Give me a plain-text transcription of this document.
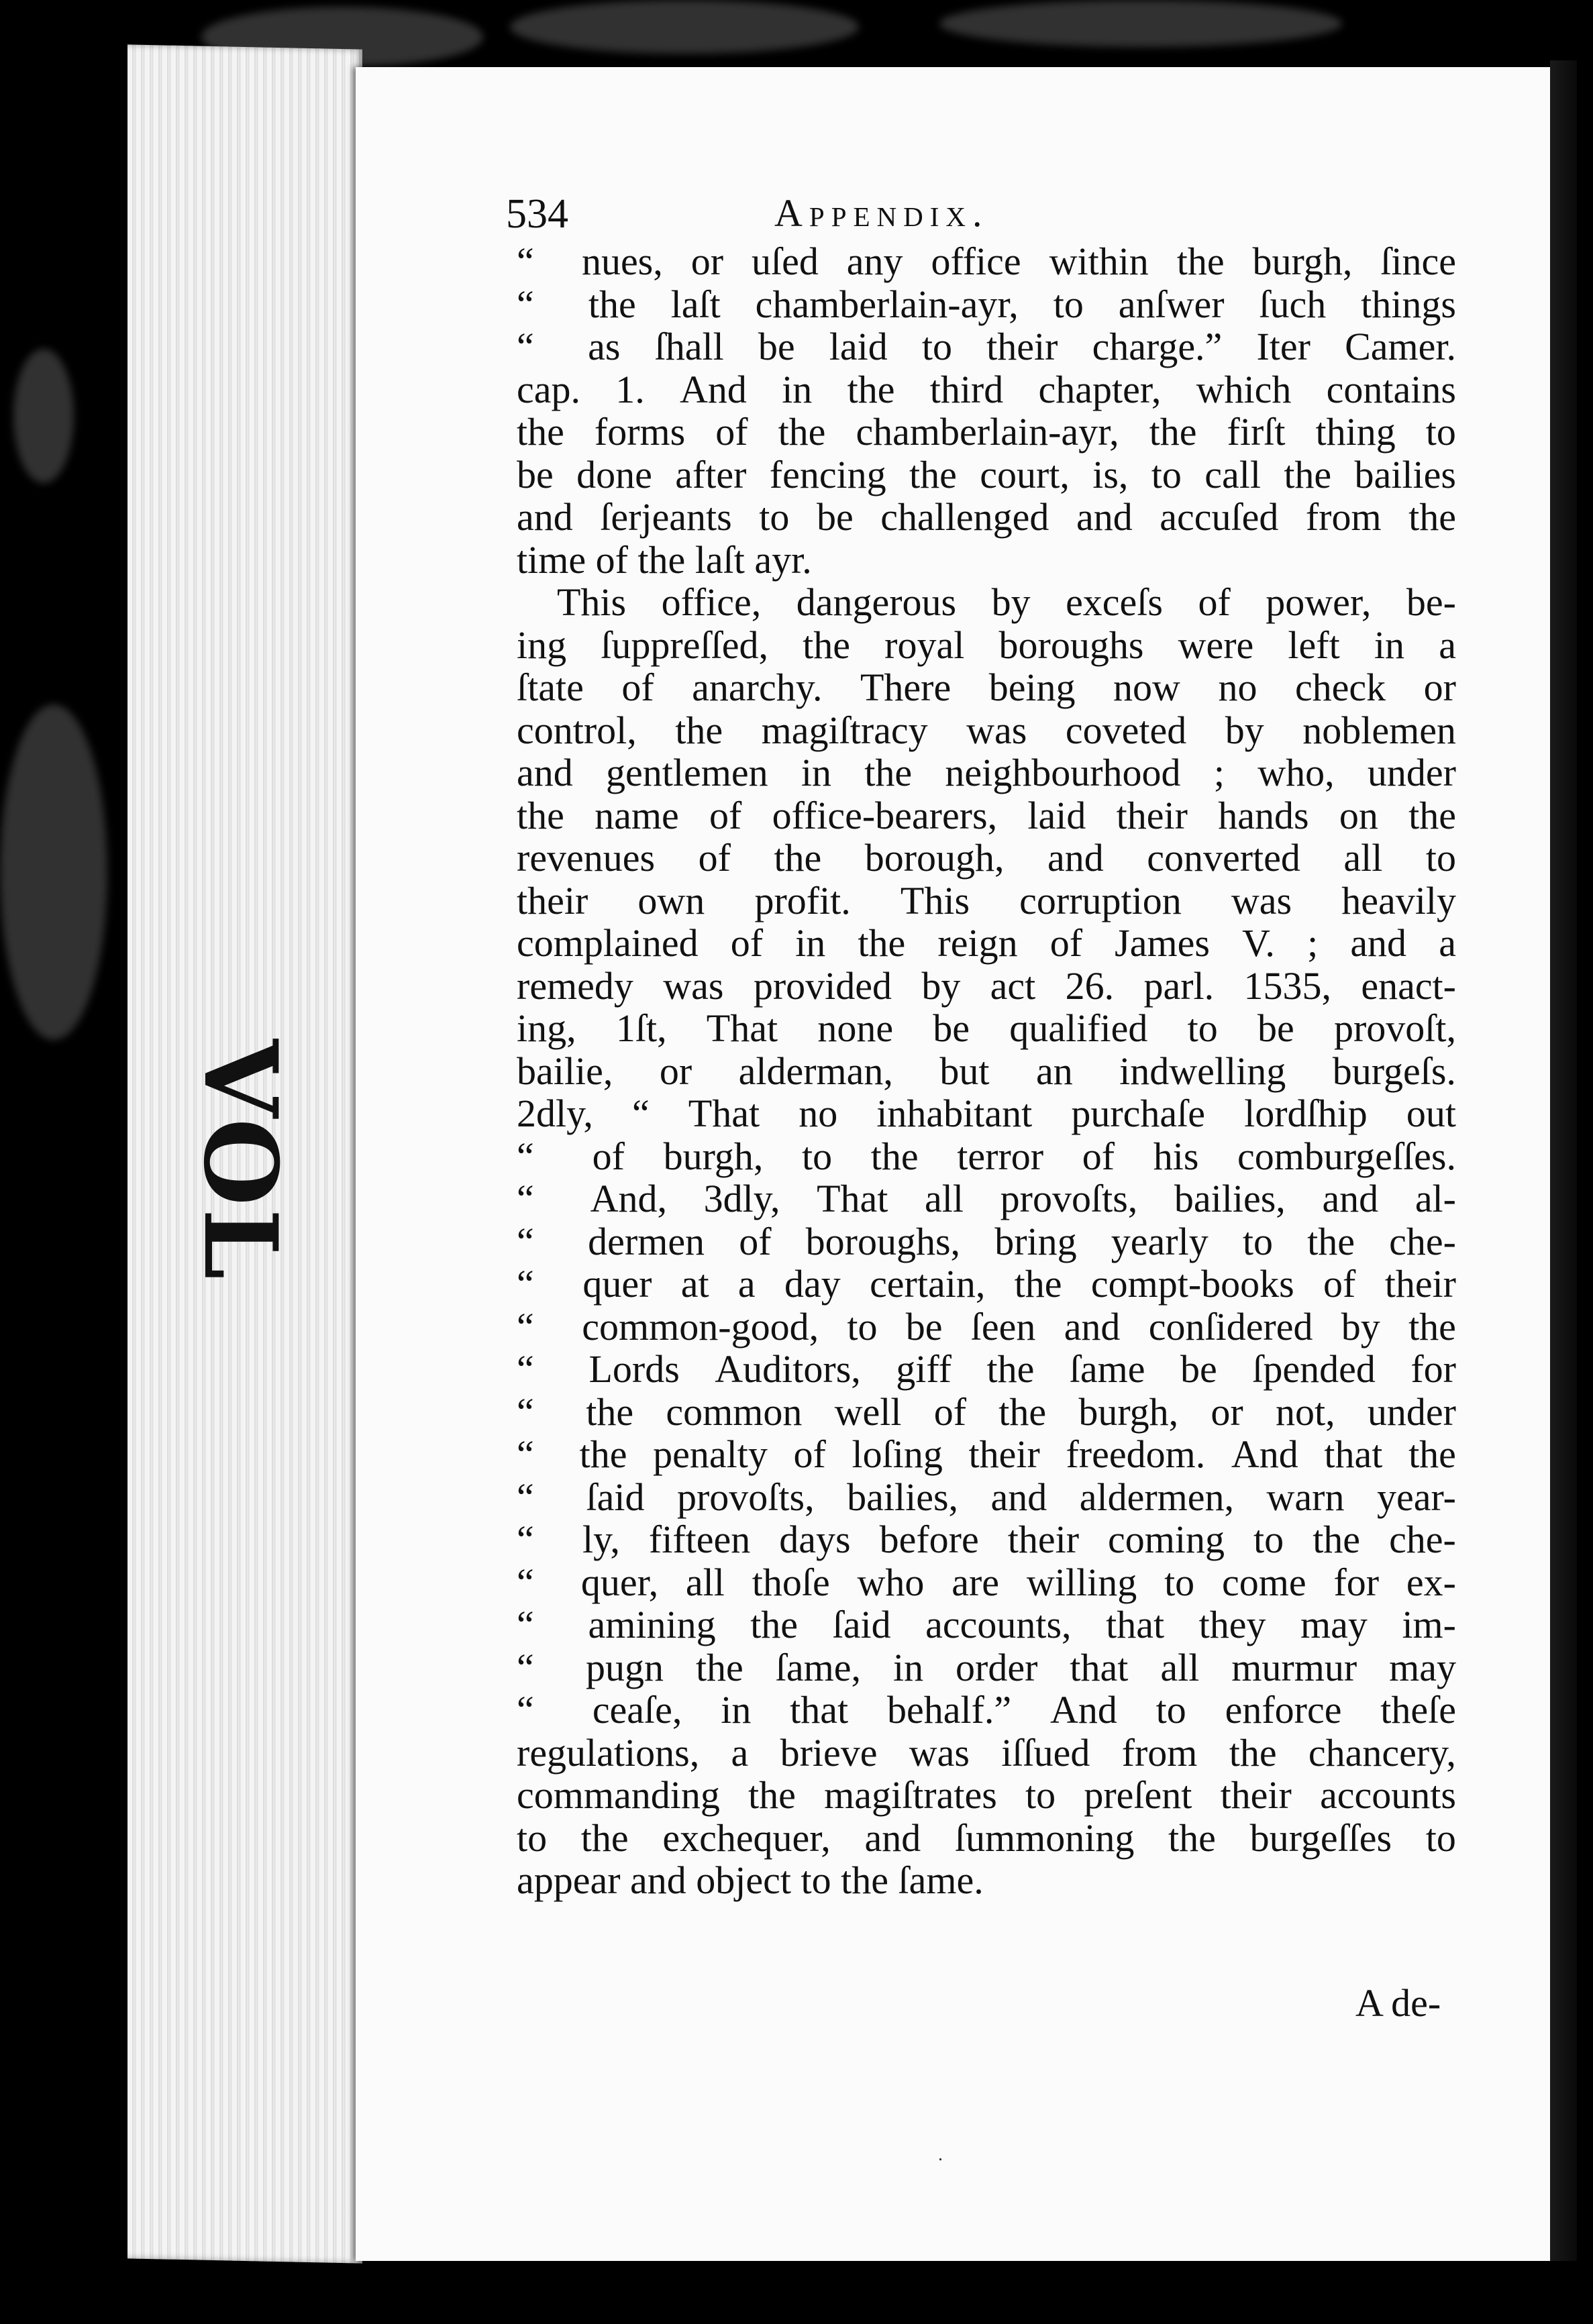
VOL
534	Appendix.
“	nues, or uſed any office within the burgh, ſince
“	the laſt chamberlain-ayr, to anſwer ſuch things
“	as ſhall be laid to their charge.” Iter Camer.
cap. 1. And in the third chapter, which contains
the forms of the chamberlain-ayr, the firſt thing to
be done after fencing the court, is, to call the bailies
and ſerjeants to be challenged and accuſed from the
time of the laſt ayr.
This office, dangerous by exceſs of power, be-
ing ſuppreſſed, the royal boroughs were left in a
ſtate of anarchy. There being now no check or
control, the magiſtracy was coveted by noblemen
and gentlemen in the neighbourhood ; who, under
the name of office-bearers, laid their hands on the
revenues of the borough, and converted all to
their own profit. This corruption was heavily
complained of in the reign of James V. ; and a
remedy was provided by act 26. parl. 1535, enact-
ing, 1ſt, That none be qualified to be provoſt,
bailie, or alderman, but an indwelling burgeſs.
2dly, “ That no inhabitant purchaſe lordſhip out
“	of burgh, to the terror of his comburgeſſes.
“	And, 3dly, That all provoſts, bailies, and al-
“	dermen of boroughs, bring yearly to the che-
“	quer at a day certain, the compt-books of their
“	common-good, to be ſeen and conſidered by the
“	Lords Auditors, giff the ſame be ſpended for
“	the common well of the burgh, or not, under
“	the penalty of loſing their freedom. And that the
“	ſaid provoſts, bailies, and aldermen, warn year-
“	ly, fifteen days before their coming to the che-
“	quer, all thoſe who are willing to come for ex-
“	amining the ſaid accounts, that they may im-
“	pugn the ſame, in order that all murmur may
“	ceaſe, in that behalf.” And to enforce theſe
regulations, a brieve was iſſued from the chancery,
commanding the magiſtrates to preſent their accounts
to the exchequer, and ſummoning the burgeſſes to
appear and object to the ſame.
A de-
.
